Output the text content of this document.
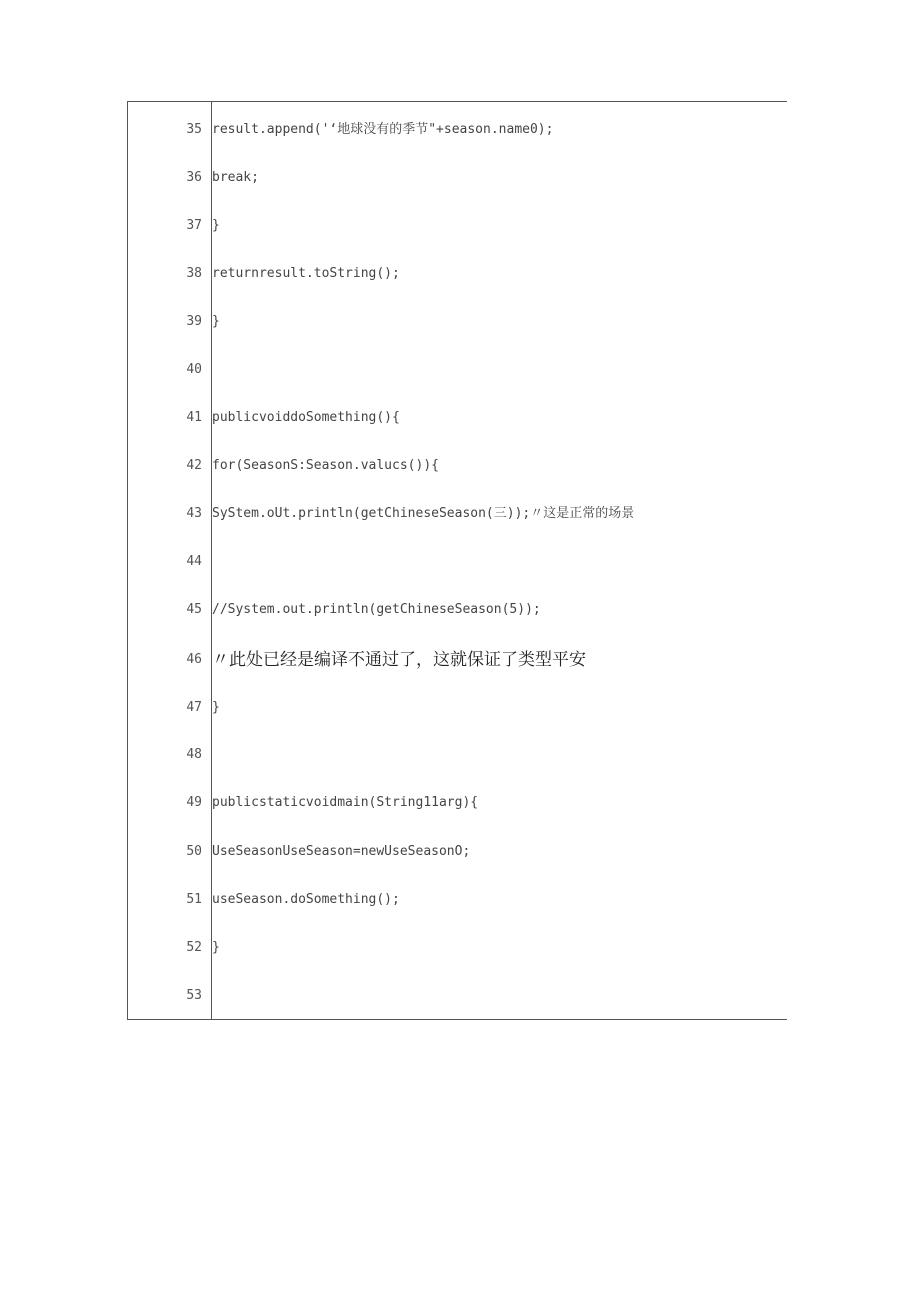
35 result.append('‘地球没有的季节"+season.name0);
36 break;
37 }
38 returnresult.toString();
39 }
40
41 publicvoiddoSomething(){
42 for(SeasonS:Season.valucs()){
43 SyStem.oUt.println(getChineseSeason(三));〃这是正常的场景
44
45 //System.out.println(getChineseSeason(5));
46 〃此处已经是编译不通过了，这就保证了类型平安
47 }
48
49 publicstaticvoidmain(String11arg){
50 UseSeasonUseSeason=newUseSeasonO;
51 useSeason.doSomething();
52 }
53
